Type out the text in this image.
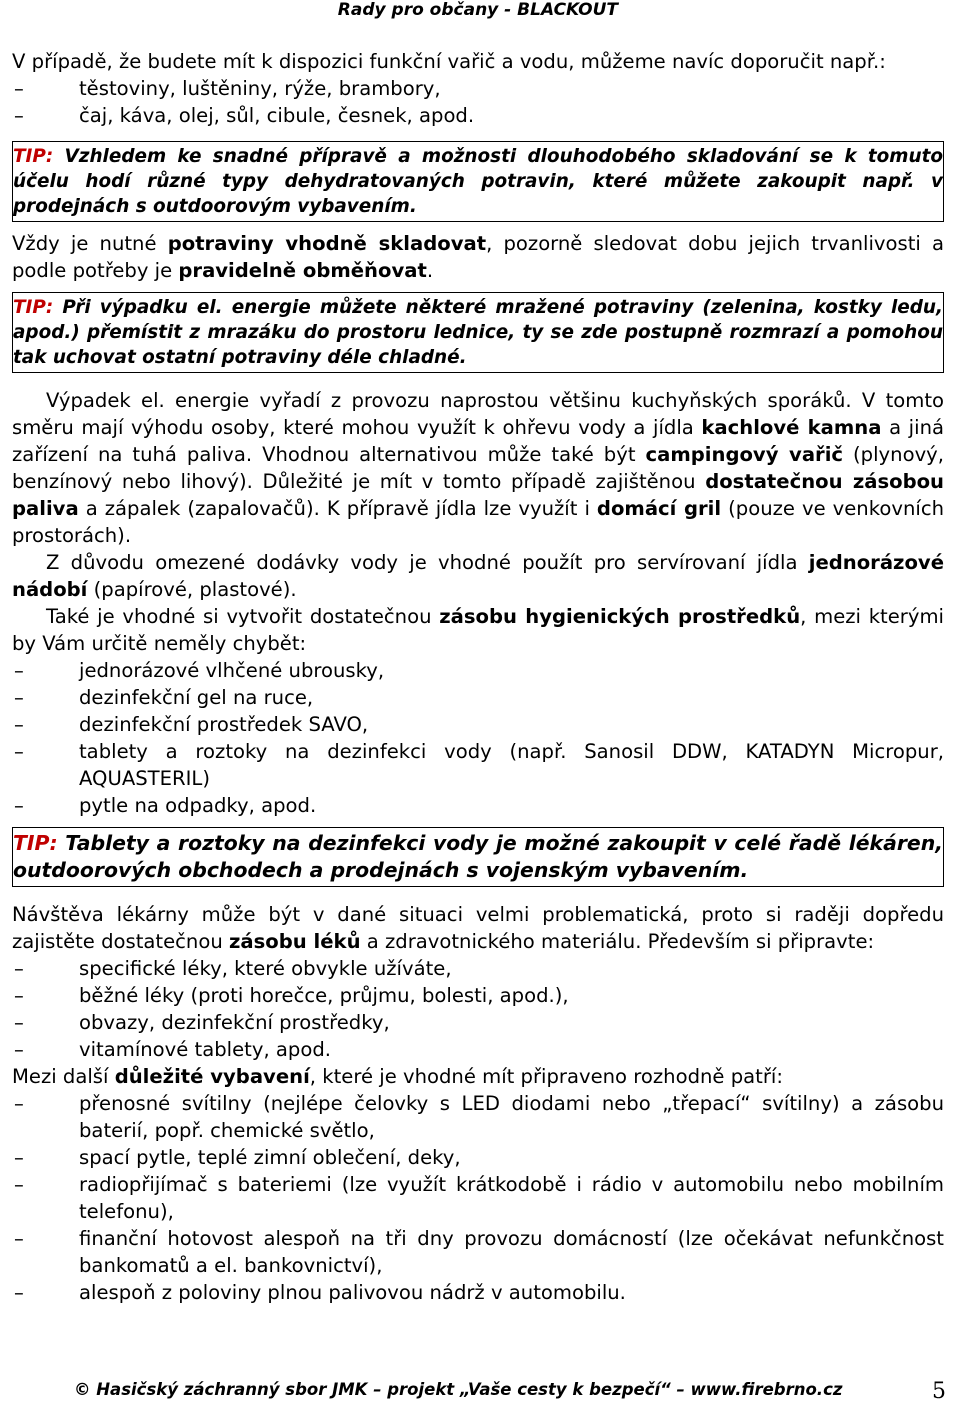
Rady pro občany - BLACKOUT

V případě, že budete mít k dispozici funkční vařič a vodu, můžeme navíc doporučit např.:

– těstoviny, luštěniny, rýže, brambory,
– čaj, káva, olej, sůl, cibule, česnek, apod.
TIP: Vzhledem ke snadné přípravě a možnosti dlouhodobého skladování se k tomuto účelu hodí různé typy dehydratovaných potravin, které můžete zakoupit např. v prodejnách s outdoorovým vybavením.

Vždy je nutné potraviny vhodně skladovat, pozorně sledovat dobu jejich trvanlivosti a podle potřeby je pravidelně obměňovat.

TIP: Při výpadku el. energie můžete některé mražené potraviny (zelenina, kostky ledu, apod.) přemístit z mrazáku do prostoru lednice, ty se zde postupně rozmrazí a pomohou tak uchovat ostatní potraviny déle chladné.

Výpadek el. energie vyřadí z provozu naprostou většinu kuchyňských sporáků. V tomto směru mají výhodu osoby, které mohou využít k ohřevu vody a jídla kachlové kamna a jiná zařízení na tuhá paliva. Vhodnou alternativou může také být campingový vařič (plynový, benzínový nebo lihový). Důležité je mít v tomto případě zajištěnou dostatečnou zásobou paliva a zápalek (zapalovačů). K přípravě jídla lze využít i domácí gril (pouze ve venkovních prostorách).

Z důvodu omezené dodávky vody je vhodné použít pro servírovaní jídla jednorázové nádobí (papírové, plastové).

Také je vhodné si vytvořit dostatečnou zásobu hygienických prostředků, mezi kterými by Vám určitě neměly chybět:

– jednorázové vlhčené ubrousky,
– dezinfekční gel na ruce,
– dezinfekční prostředek SAVO,
– tablety a roztoky na dezinfekci vody (např. Sanosil DDW, KATADYN Micropur, AQUASTERIL)
– pytle na odpadky, apod.
TIP: Tablety a roztoky na dezinfekci vody je možné zakoupit v celé řadě lékáren, outdoorových obchodech a prodejnách s vojenským vybavením.

Návštěva lékárny může být v dané situaci velmi problematická, proto si raději dopředu zajistěte dostatečnou zásobu léků a zdravotnického materiálu. Především si připravte:

– specifické léky, které obvykle užíváte,
– běžné léky (proti horečce, průjmu, bolesti, apod.),
– obvazy, dezinfekční prostředky,
– vitamínové tablety, apod.

Mezi další důležité vybavení, které je vhodné mít připraveno rozhodně patří:

– přenosné svítilny (nejlépe čelovky s LED diodami nebo „třepací“ svítilny) a zásobu baterií, popř. chemické světlo,
– spací pytle, teplé zimní oblečení, deky,
– radiopřijímač s bateriemi (lze využít krátkodobě i rádio v automobilu nebo mobilním telefonu),
– finanční hotovost alespoň na tři dny provozu domácností (lze očekávat nefunkčnost bankomatů a el. bankovnictví),
– alespoň z poloviny plnou palivovou nádrž v automobilu.
© Hasičský záchranný sbor JMK – projekt „Vaše cesty k bezpečí“ – www.firebrno.cz	5
